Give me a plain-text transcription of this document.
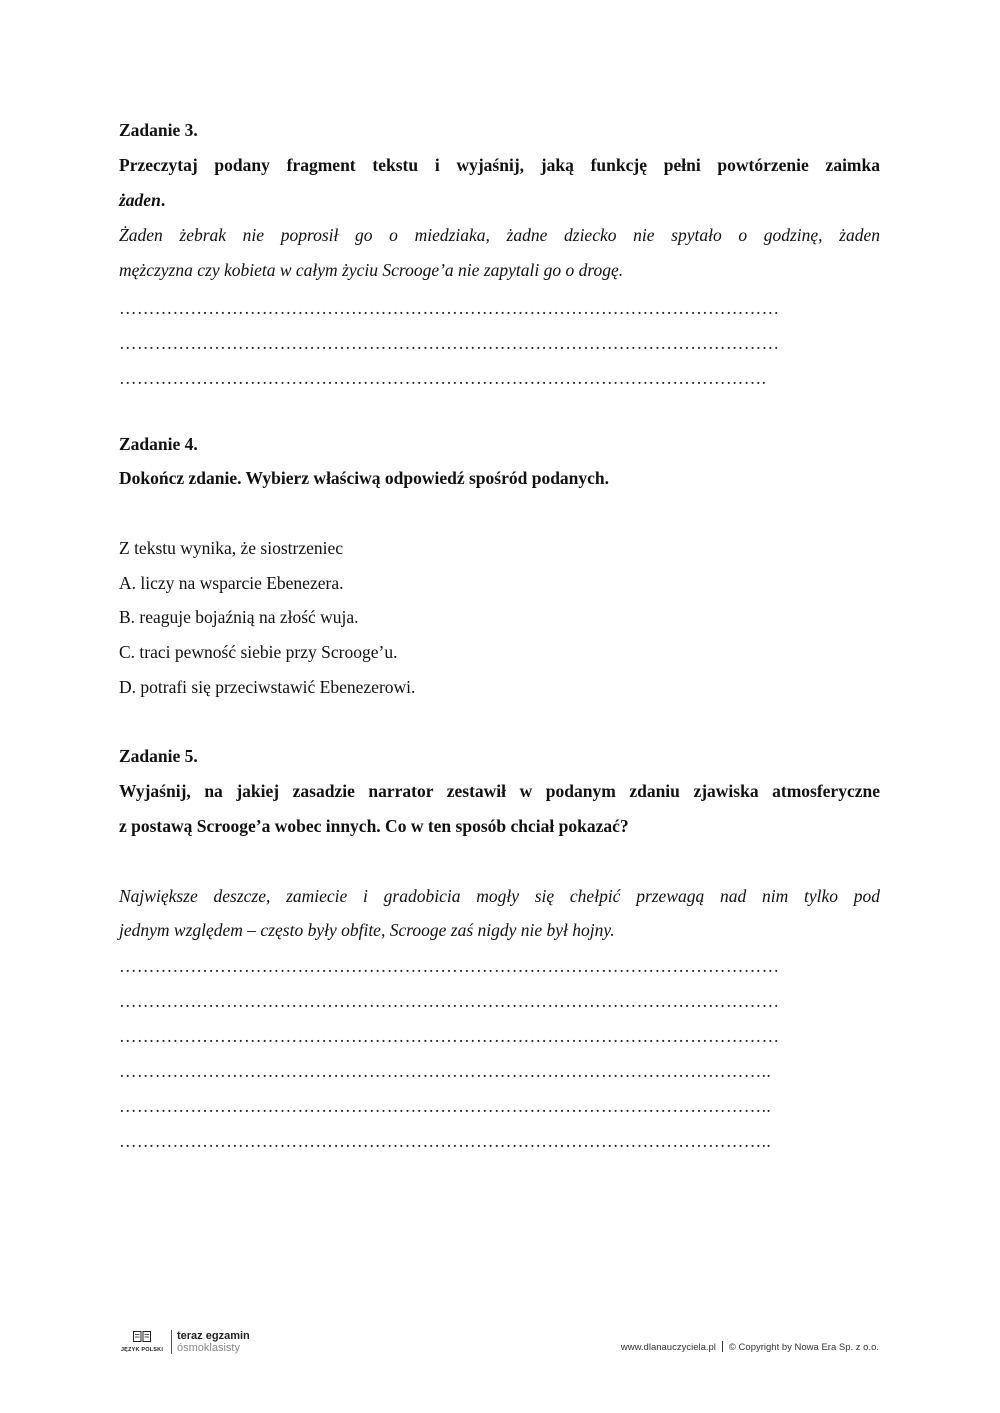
Zadanie 3.
Przeczytaj podany fragment tekstu i wyjaśnij, jaką funkcję pełni powtórzenie zaimka
żaden.
Żaden żebrak nie poprosił go o miedziaka, żadne dziecko nie spytało o godzinę, żaden
mężczyzna czy kobieta w całym życiu Scrooge’a nie zapytali go o drogę.
…………………………………………………………………………………………………
…………………………………………………………………………………………………
……………………………………………………………………………………………….
Zadanie 4.
Dokończ zdanie. Wybierz właściwą odpowiedź spośród podanych.
Z tekstu wynika, że siostrzeniec
A. liczy na wsparcie Ebenezera.
B. reaguje bojaźnią na złość wuja.
C. traci pewność siebie przy Scrooge’u.
D. potrafi się przeciwstawić Ebenezerowi.
Zadanie 5.
Wyjaśnij, na jakiej zasadzie narrator zestawił w podanym zdaniu zjawiska atmosferyczne
z postawą Scrooge’a wobec innych. Co w ten sposób chciał pokazać?
Największe deszcze, zamiecie i gradobicia mogły się chełpić przewagą nad nim tylko pod
jednym względem – często były obfite, Scrooge zaś nigdy nie był hojny.
…………………………………………………………………………………………………
…………………………………………………………………………………………………
…………………………………………………………………………………………………
………………………………………………………………………………………………..
………………………………………………………………………………………………..
………………………………………………………………………………………………..
JĘZYK POLSKI
teraz egzamin
ósmoklasisty	www.dlanauczyciela.pl © Copyright by Nowa Era Sp. z o.o.
